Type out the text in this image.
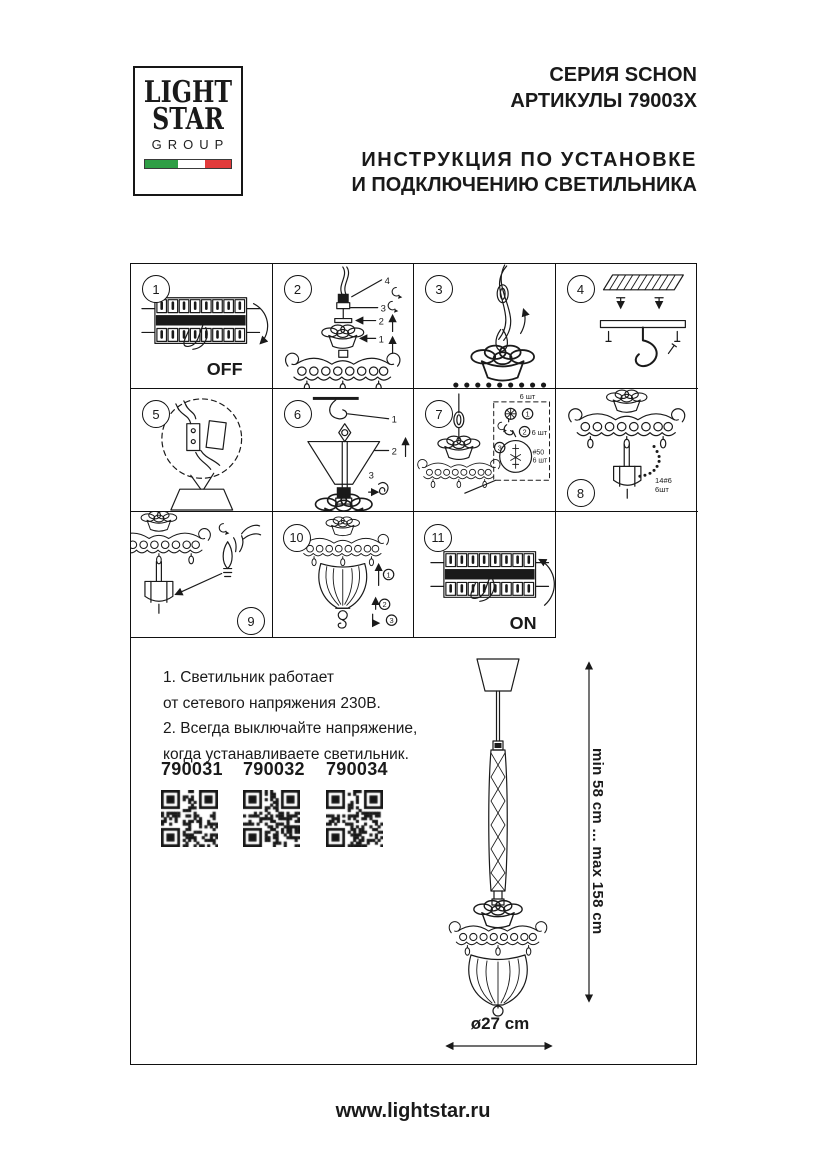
LIGHT
STAR
GROUP
СЕРИЯ SCHON
АРТИКУЛЫ 79003X
ИНСТРУКЦИЯ ПО УСТАНОВКЕ
И ПОДКЛЮЧЕНИЮ СВЕТИЛЬНИКА
1
OFF
2
4
3
2
1
3	4
5	6	1
2
3
7
6 шт
1
2 6 шт
3
#50
6 шт
8
14#6
6шт
9
10
1
2
3
11
ON
1. Светильник работает
от сетевого напряжения 230В.
2. Всегда выключайте напряжение,
когда устанавливаете светильник.
790031	790032	790034	min 58 cm ... max 158 cm
ø27 cm
www.lightstar.ru
